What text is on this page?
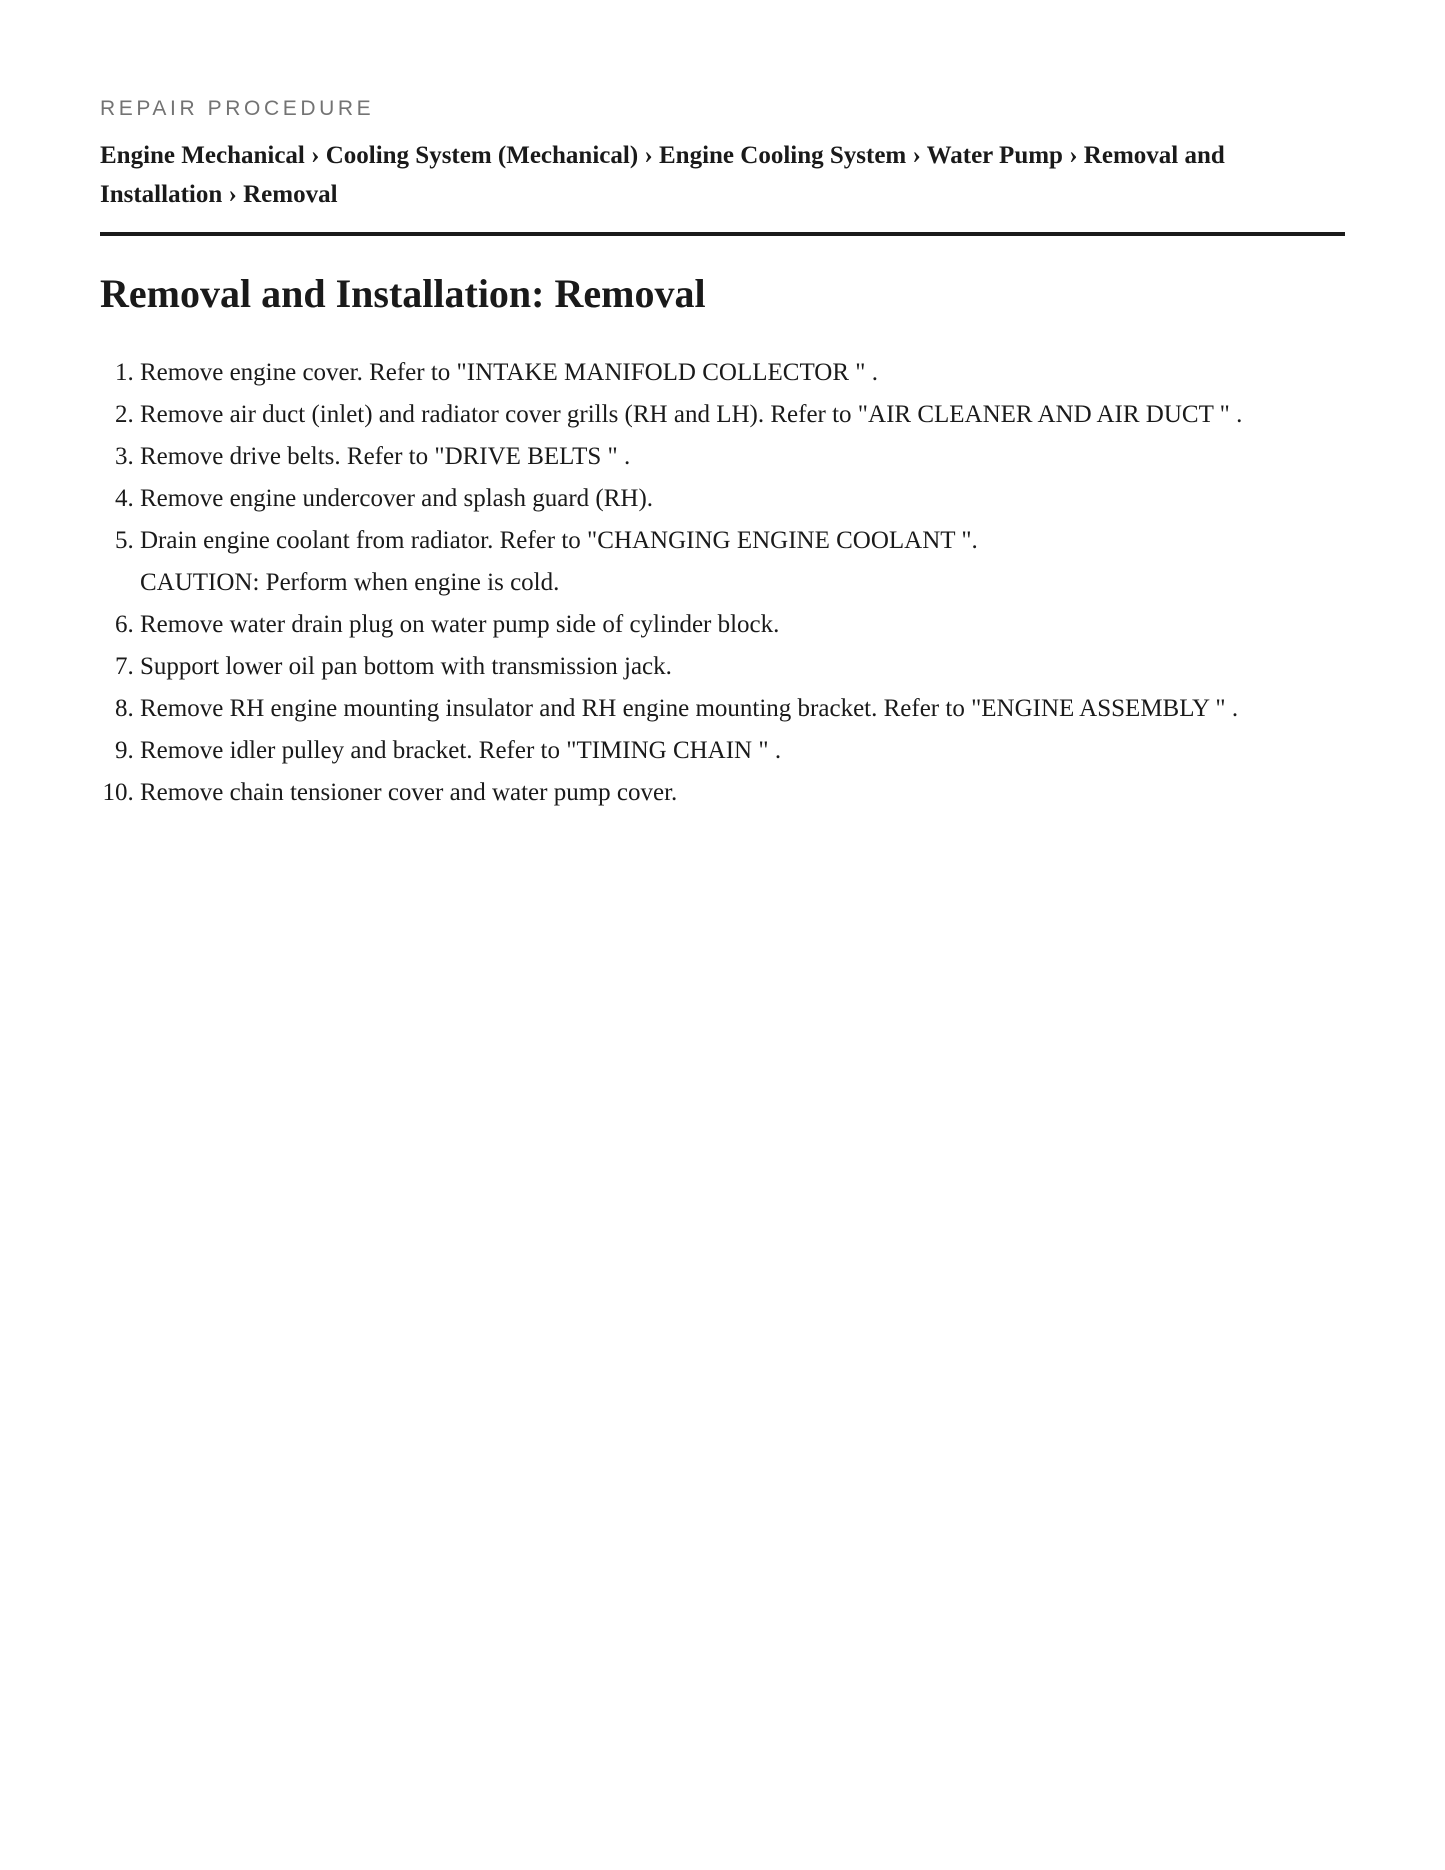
REPAIR PROCEDURE

Engine Mechanical › Cooling System (Mechanical) › Engine Cooling System › Water Pump › Removal and Installation › Removal
Removal and Installation: Removal
1. Remove engine cover. Refer to "INTAKE MANIFOLD COLLECTOR " .
2. Remove air duct (inlet) and radiator cover grills (RH and LH). Refer to "AIR CLEANER AND AIR DUCT " .
3. Remove drive belts. Refer to "DRIVE BELTS " .
4. Remove engine undercover and splash guard (RH).
5. Drain engine coolant from radiator. Refer to "CHANGING ENGINE COOLANT ".
CAUTION: Perform when engine is cold.
6. Remove water drain plug on water pump side of cylinder block.
7. Support lower oil pan bottom with transmission jack.
8. Remove RH engine mounting insulator and RH engine mounting bracket. Refer to "ENGINE ASSEMBLY " .
9. Remove idler pulley and bracket. Refer to "TIMING CHAIN " .
10. Remove chain tensioner cover and water pump cover.
